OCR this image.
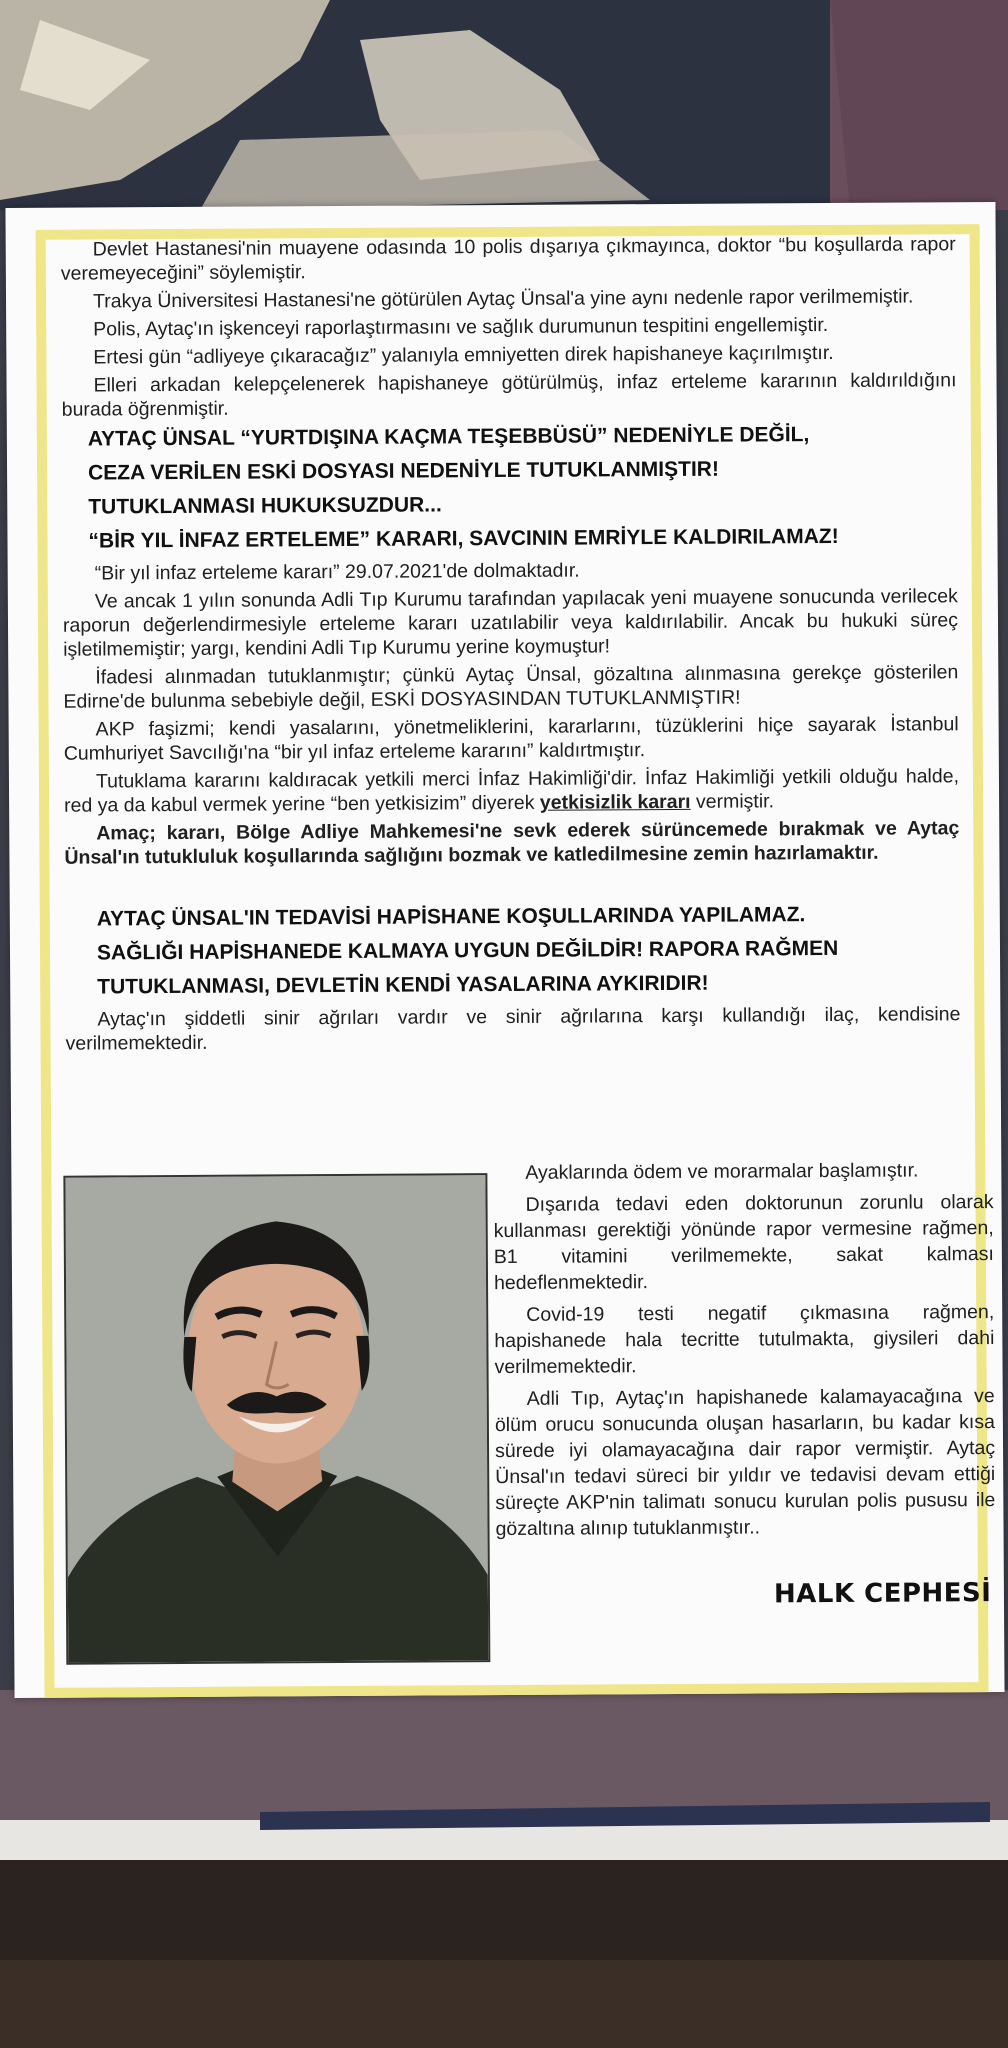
Devlet Hastanesi'nin muayene odasında 10 polis dışarıya çıkmayınca, doktor “bu koşullarda rapor veremeyeceğini” söylemiştir.

Trakya Üniversitesi Hastanesi'ne götürülen Aytaç Ünsal'a yine aynı nedenle rapor verilmemiştir.

Polis, Aytaç'ın işkenceyi raporlaştırmasını ve sağlık durumunun tespitini engellemiştir.

Ertesi gün “adliyeye çıkaracağız” yalanıyla emniyetten direk hapishaneye kaçırılmıştır.

Elleri arkadan kelepçelenerek hapishaneye götürülmüş, infaz erteleme kararının kaldırıldığını burada öğrenmiştir.

AYTAÇ ÜNSAL “YURTDIŞINA KAÇMA TEŞEBBÜSÜ” NEDENİYLE DEĞİL,
CEZA VERİLEN ESKİ DOSYASI NEDENİYLE TUTUKLANMIŞTIR!
TUTUKLANMASI HUKUKSUZDUR...
“BİR YIL İNFAZ ERTELEME” KARARI, SAVCININ EMRİYLE KALDIRILAMAZ!

“Bir yıl infaz erteleme kararı” 29.07.2021'de dolmaktadır.

Ve ancak 1 yılın sonunda Adli Tıp Kurumu tarafından yapılacak yeni muayene sonucunda verilecek raporun değerlendirmesiyle erteleme kararı uzatılabilir veya kaldırılabilir. Ancak bu hukuki süreç işletilmemiştir; yargı, kendini Adli Tıp Kurumu yerine koymuştur!

İfadesi alınmadan tutuklanmıştır; çünkü Aytaç Ünsal, gözaltına alınmasına gerekçe gösterilen Edirne'de bulunma sebebiyle değil, ESKİ DOSYASINDAN TUTUKLANMIŞTIR!

AKP faşizmi; kendi yasalarını, yönetmeliklerini, kararlarını, tüzüklerini hiçe sayarak İstanbul Cumhuriyet Savcılığı'na “bir yıl infaz erteleme kararını” kaldırtmıştır.

Tutuklama kararını kaldıracak yetkili merci İnfaz Hakimliği'dir. İnfaz Hakimliği yetkili olduğu halde, red ya da kabul vermek yerine “ben yetkisizim” diyerek yetkisizlik kararı vermiştir.

Amaç; kararı, Bölge Adliye Mahkemesi'ne sevk ederek sürüncemede bırakmak ve Aytaç Ünsal'ın tutukluluk koşullarında sağlığını bozmak ve katledilmesine zemin hazırlamaktır.

AYTAÇ ÜNSAL'IN TEDAVİSİ HAPİSHANE KOŞULLARINDA YAPILAMAZ.
SAĞLIĞI HAPİSHANEDE KALMAYA UYGUN DEĞİLDİR! RAPORA RAĞMEN
TUTUKLANMASI, DEVLETİN KENDİ YASALARINA AYKIRIDIR!

Aytaç'ın şiddetli sinir ağrıları vardır ve sinir ağrılarına karşı kullandığı ilaç, kendisine verilmemektedir.

Ayaklarında ödem ve morarmalar başlamıştır.

Dışarıda tedavi eden doktorunun zorunlu olarak kullanması gerektiği yönünde rapor vermesine rağmen, B1 vitamini verilmemekte, sakat kalması hedeflenmektedir.

Covid-19 testi negatif çıkmasına rağmen, hapishanede hala tecritte tutulmakta, giysileri dahi verilmemektedir.

Adli Tıp, Aytaç'ın hapishanede kalamayacağına ve ölüm orucu sonucunda oluşan hasarların, bu kadar kısa sürede iyi olamayacağına dair rapor vermiştir. Aytaç Ünsal'ın tedavi süreci bir yıldır ve tedavisi devam ettiği süreçte AKP'nin talimatı sonucu kurulan polis pususu ile gözaltına alınıp tutuklanmıştır..

HALK CEPHESİ
